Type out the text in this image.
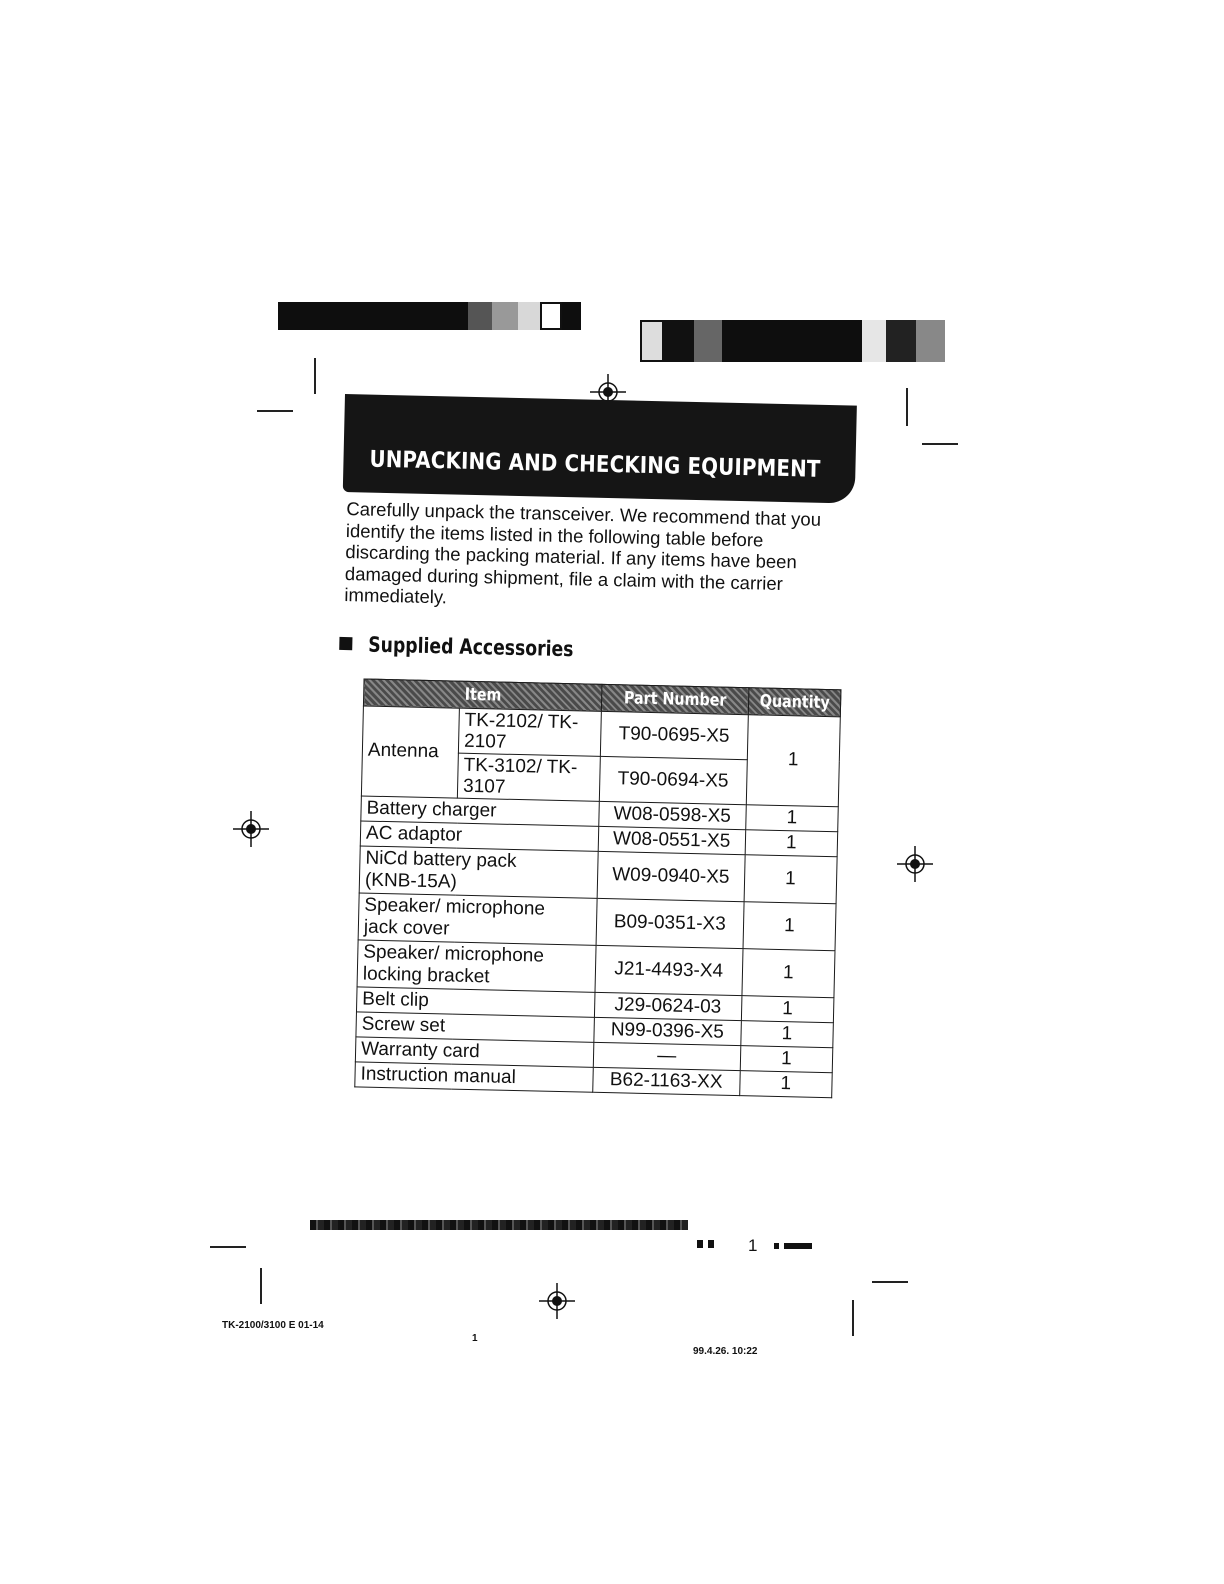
UNPACKING AND CHECKING EQUIPMENT

Carefully unpack the transceiver. We recommend that you identify the items listed in the following table before discarding the packing material. If any items have been damaged during shipment, file a claim with the carrier immediately.

Supplied Accessories
Item		Part Number	Quantity
Antenna	TK-2102/ TK-2107	T90-0695-X5	1
	TK-3102/ TK-3107	T90-0694-X5	
Battery charger		W08-0598-X5	1
AC adaptor		W08-0551-X5	1
NiCd battery pack (KNB-15A)		W09-0940-X5	1
Speaker/ microphone jack cover		B09-0351-X3	1
Speaker/ microphone locking bracket		J21-4493-X4	1
Belt clip		J29-0624-03	1
Screw set		N99-0396-X5	1
Warranty card		—	1
Instruction manual		B62-1163-XX	1
1
TK-2100/3100 E 01-14
1
99.4.26. 10:22
